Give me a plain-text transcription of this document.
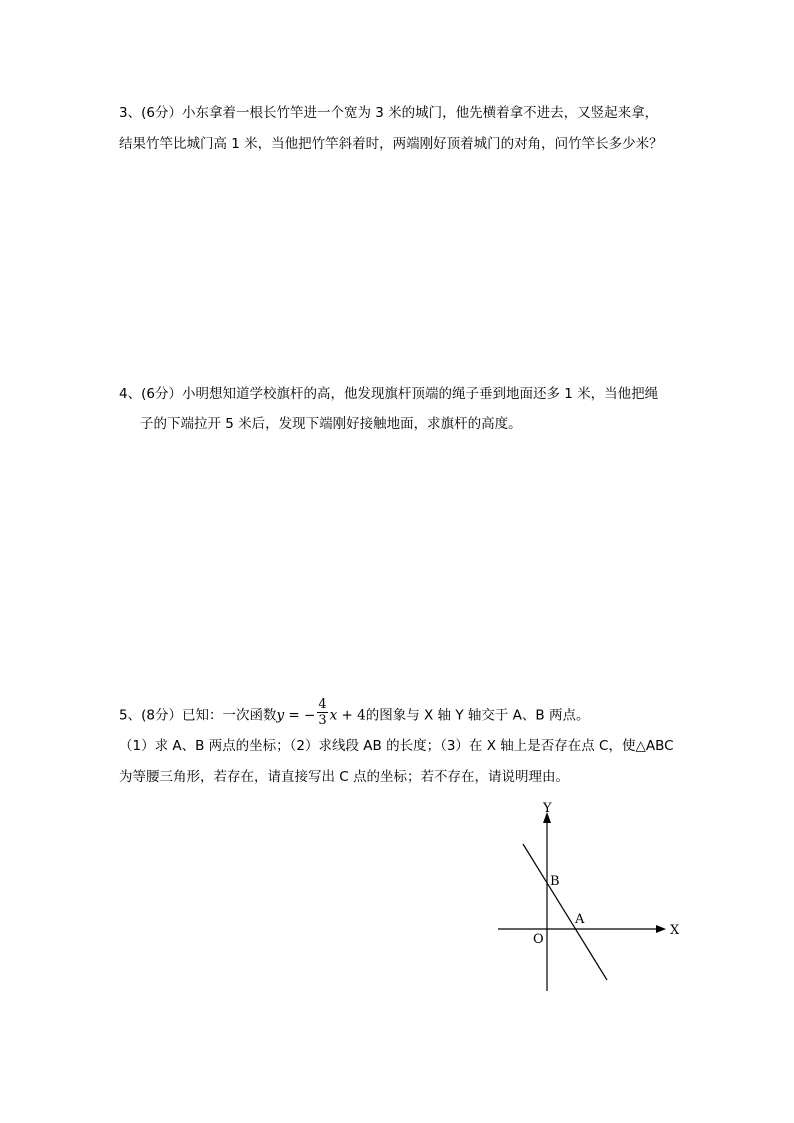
3、(6分）小东拿着一根长竹竿进一个宽为 3 米的城门，他先横着拿不进去，又竖起来拿，
结果竹竿比城门高 1 米，当他把竹竿斜着时，两端刚好顶着城门的对角，问竹竿长多少米？
4、(6分）小明想知道学校旗杆的高，他发现旗杆顶端的绳子垂到地面还多 1 米，当他把绳
子的下端拉开 5 米后，发现下端刚好接触地面，求旗杆的高度。
5、(8分）已知：一次函数y = − $\frac{4}{3}$ x + 4的图象与 X 轴 Y 轴交于 A、B 两点。
（1）求 A、B 两点的坐标；（2）求线段 AB 的长度；（3）在 X 轴上是否存在点 C，使△ABC
为等腰三角形，若存在，请直接写出 C 点的坐标；若不存在，请说明理由。
X
Y
O
A
B
